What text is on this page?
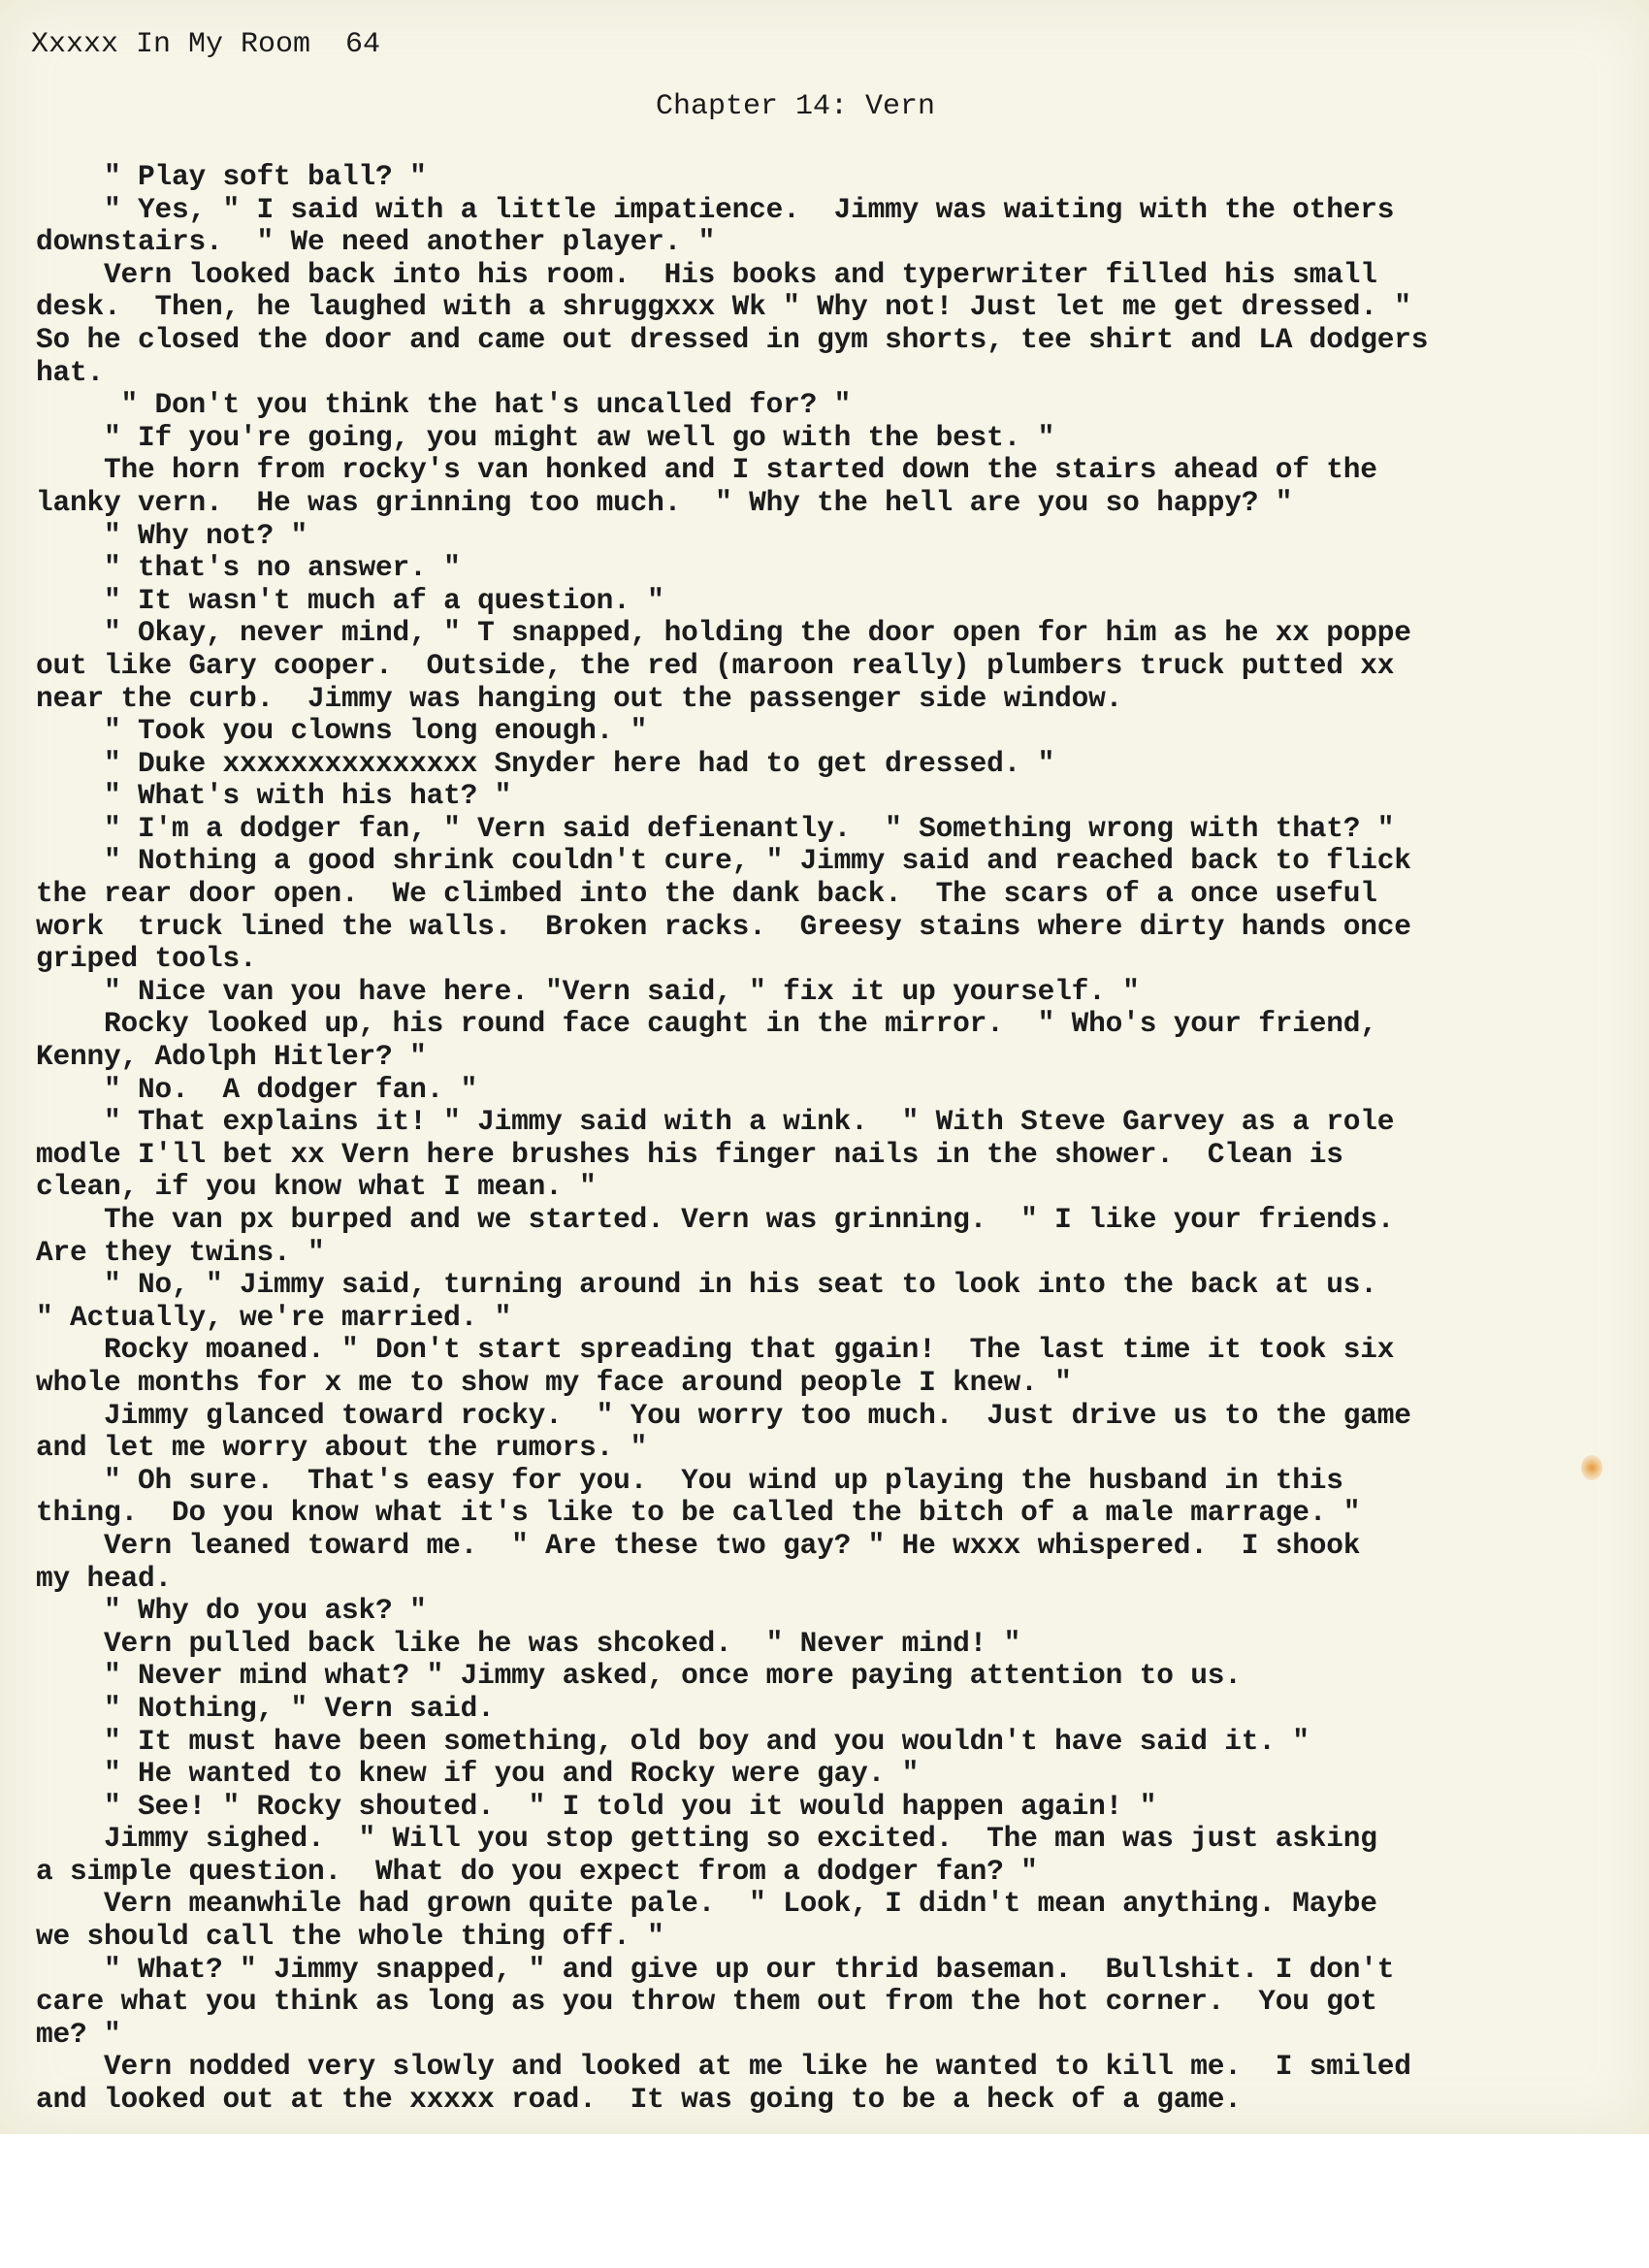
Xxxxx In My Room  64
Chapter 14: Vern
" Play soft ball? "
" Yes, " I said with a little impatience.  Jimmy was waiting with the others
downstairs.  " We need another player. "
Vern looked back into his room.  His books and typerwriter filled his small
desk.  Then, he laughed with a shruggxxx Wk " Why not! Just let me get dressed. "
So he closed the door and came out dressed in gym shorts, tee shirt and LA dodgers
hat.
" Don't you think the hat's uncalled for? "
" If you're going, you might aw well go with the best. "
The horn from rocky's van honked and I started down the stairs ahead of the
lanky vern.  He was grinning too much.  " Why the hell are you so happy? "
" Why not? "
" that's no answer. "
" It wasn't much af a question. "
" Okay, never mind, " T snapped, holding the door open for him as he xx poppe
out like Gary cooper.  Outside, the red (maroon really) plumbers truck putted xx
near the curb.  Jimmy was hanging out the passenger side window.
" Took you clowns long enough. "
" Duke xxxxxxxxxxxxxxx Snyder here had to get dressed. "
" What's with his hat? "
" I'm a dodger fan, " Vern said defienantly.  " Something wrong with that? "
" Nothing a good shrink couldn't cure, " Jimmy said and reached back to flick
the rear door open.  We climbed into the dank back.  The scars of a once useful
work  truck lined the walls.  Broken racks.  Greesy stains where dirty hands once
griped tools.
" Nice van you have here. "Vern said, " fix it up yourself. "
Rocky looked up, his round face caught in the mirror.  " Who's your friend,
Kenny, Adolph Hitler? "
" No.  A dodger fan. "
" That explains it! " Jimmy said with a wink.  " With Steve Garvey as a role
modle I'll bet xx Vern here brushes his finger nails in the shower.  Clean is
clean, if you know what I mean. "
The van px burped and we started. Vern was grinning.  " I like your friends.
Are they twins. "
" No, " Jimmy said, turning around in his seat to look into the back at us.
" Actually, we're married. "
Rocky moaned. " Don't start spreading that ggain!  The last time it took six
whole months for x me to show my face around people I knew. "
Jimmy glanced toward rocky.  " You worry too much.  Just drive us to the game
and let me worry about the rumors. "
" Oh sure.  That's easy for you.  You wind up playing the husband in this
thing.  Do you know what it's like to be called the bitch of a male marrage. "
Vern leaned toward me.  " Are these two gay? " He wxxx whispered.  I shook
my head.
" Why do you ask? "
Vern pulled back like he was shcoked.  " Never mind! "
" Never mind what? " Jimmy asked, once more paying attention to us.
" Nothing, " Vern said.
" It must have been something, old boy and you wouldn't have said it. "
" He wanted to knew if you and Rocky were gay. "
" See! " Rocky shouted.  " I told you it would happen again! "
Jimmy sighed.  " Will you stop getting so excited.  The man was just asking
a simple question.  What do you expect from a dodger fan? "
Vern meanwhile had grown quite pale.  " Look, I didn't mean anything. Maybe
we should call the whole thing off. "
" What? " Jimmy snapped, " and give up our thrid baseman.  Bullshit. I don't
care what you think as long as you throw them out from the hot corner.  You got
me? "
Vern nodded very slowly and looked at me like he wanted to kill me.  I smiled
and looked out at the xxxxx road.  It was going to be a heck of a game.
